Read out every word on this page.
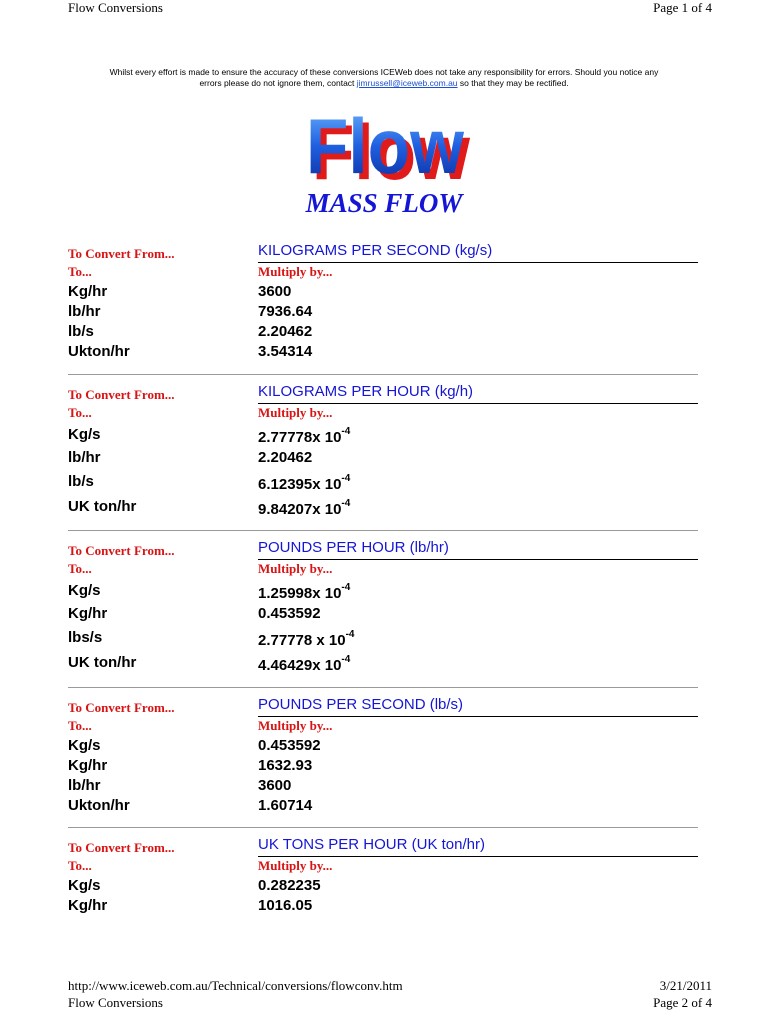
Flow Conversions	Page 1 of 4
Whilst every effort is made to ensure the accuracy of these conversions ICEWeb does not take any responsibility for errors. Should you notice any
errors please do not ignore them, contact jimrussell@iceweb.com.au so that they may be rectified.
Flow
Flow
MASS FLOW
To Convert From...	KILOGRAMS PER SECOND (kg/s)
To...	Multiply by...
Kg/hr	3600
lb/hr	7936.64
lb/s	2.20462
Ukton/hr	3.54314
To Convert From...	KILOGRAMS PER HOUR (kg/h)
To...	Multiply by...
Kg/s	2.77778x $10^{-4}$
lb/hr	2.20462
lb/s	6.12395x $10^{-4}$
UK ton/hr	9.84207x $10^{-4}$
To Convert From...	POUNDS PER HOUR (lb/hr)
To...	Multiply by...
Kg/s	1.25998x $10^{-4}$
Kg/hr	0.453592
lbs/s	2.77778 x $10^{-4}$
UK ton/hr	4.46429x $10^{-4}$
To Convert From...	POUNDS PER SECOND (lb/s)
To...	Multiply by...
Kg/s	0.453592
Kg/hr	1632.93
lb/hr	3600
Ukton/hr	1.60714
To Convert From...	UK TONS PER HOUR (UK ton/hr)
To...	Multiply by...
Kg/s	0.282235
Kg/hr	1016.05
http://www.iceweb.com.au/Technical/conversions/flowconv.htm	3/21/2011
Flow Conversions	Page 2 of 4
